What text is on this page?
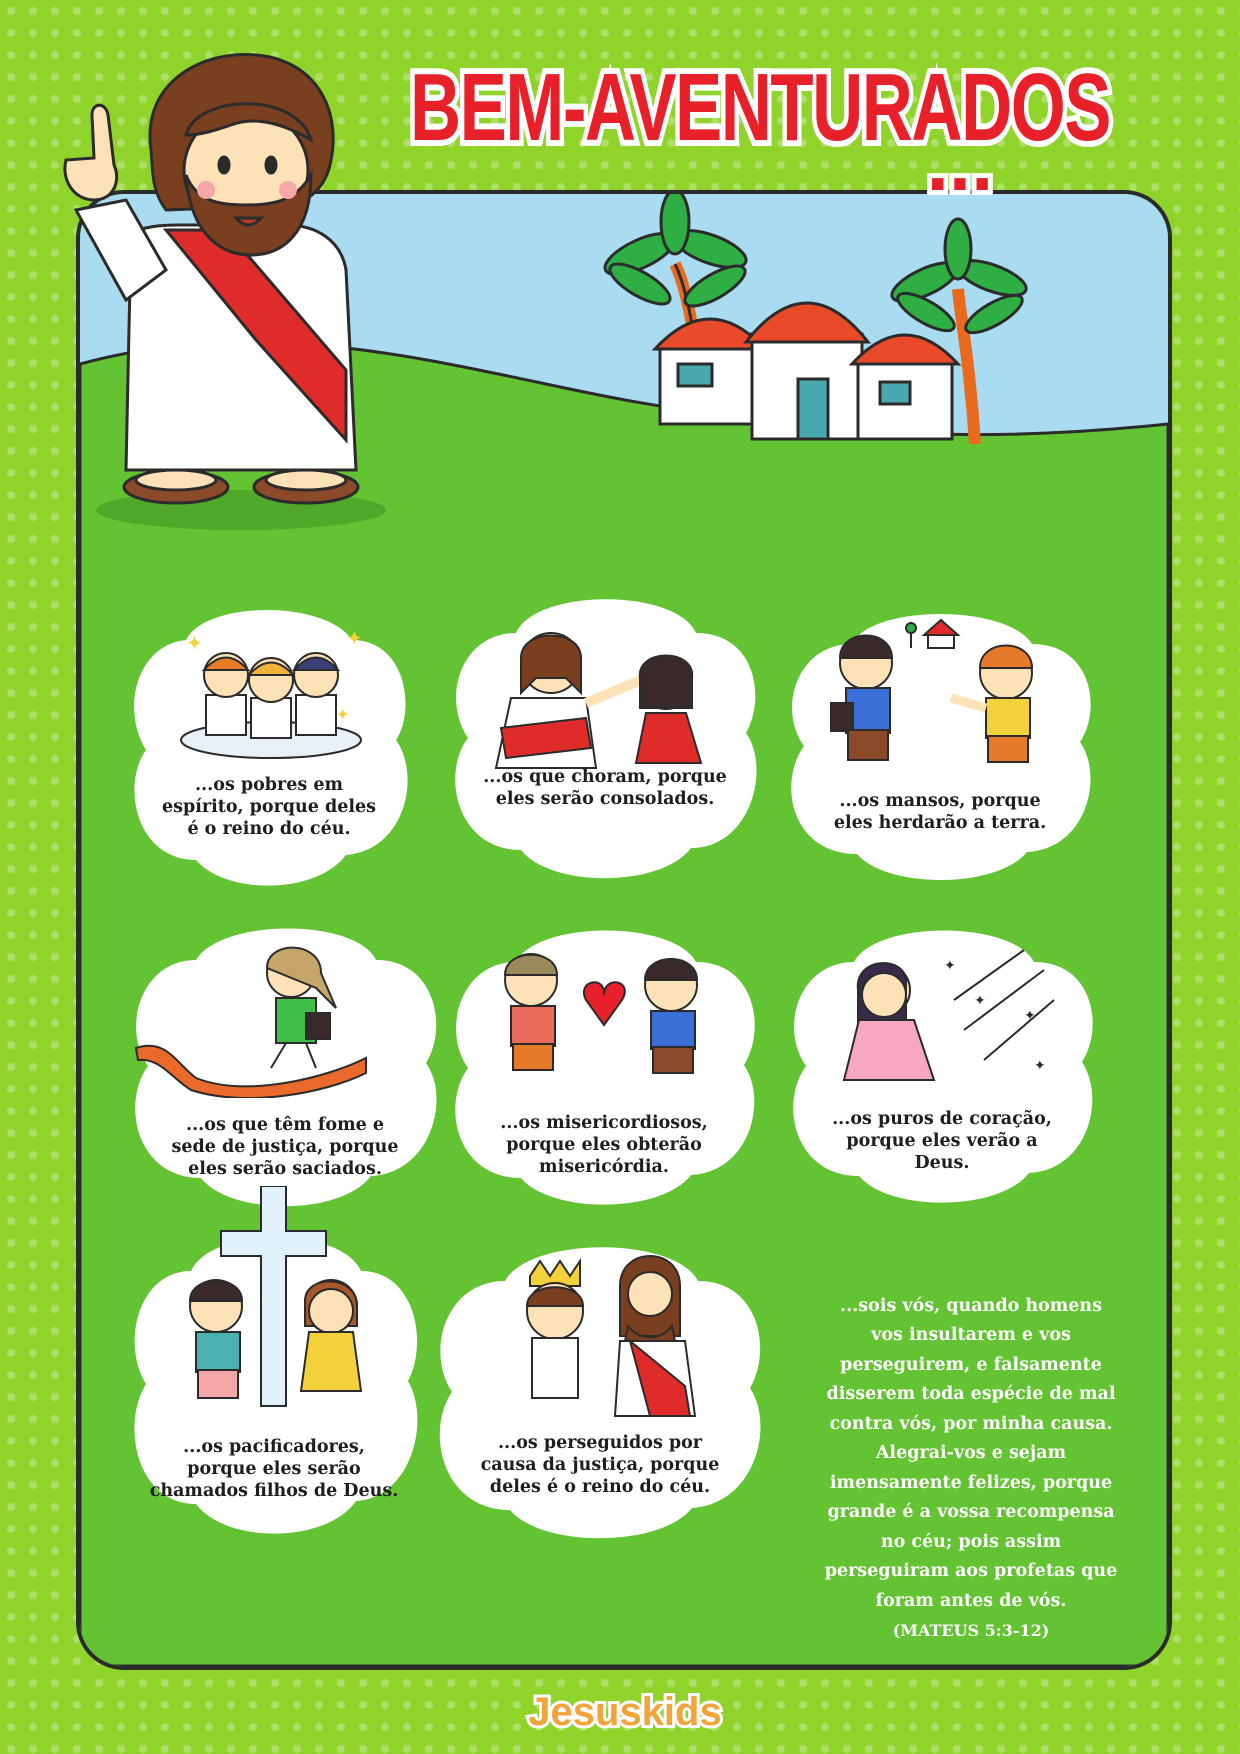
BEM-AVENTURADOS
...
✦	✦
✦
...os pobres em
espírito, porque deles
é o reino do céu.
...os que choram, porque
eles serão consolados.	...os mansos, porque
eles herdarão a terra.
...os que têm fome e
sede de justiça, porque
eles serão saciados.
...os misericordiosos,
porque eles obterão
misericórdia.
✦
✦
✦
✦
...os puros de coração,
porque eles verão a
Deus.
...os pacificadores,
porque eles serão
chamados filhos de Deus.
...os perseguidos por
causa da justiça, porque
deles é o reino do céu.

...sois vós, quando homens
vos insultarem e vos
perseguirem, e falsamente
disserem toda espécie de mal
contra vós, por minha causa.
Alegrai-vos e sejam
imensamente felizes, porque
grande é a vossa recompensa
no céu; pois assim
perseguiram aos profetas que
foram antes de vós.

(MATEUS 5:3-12)

Jesuskids
